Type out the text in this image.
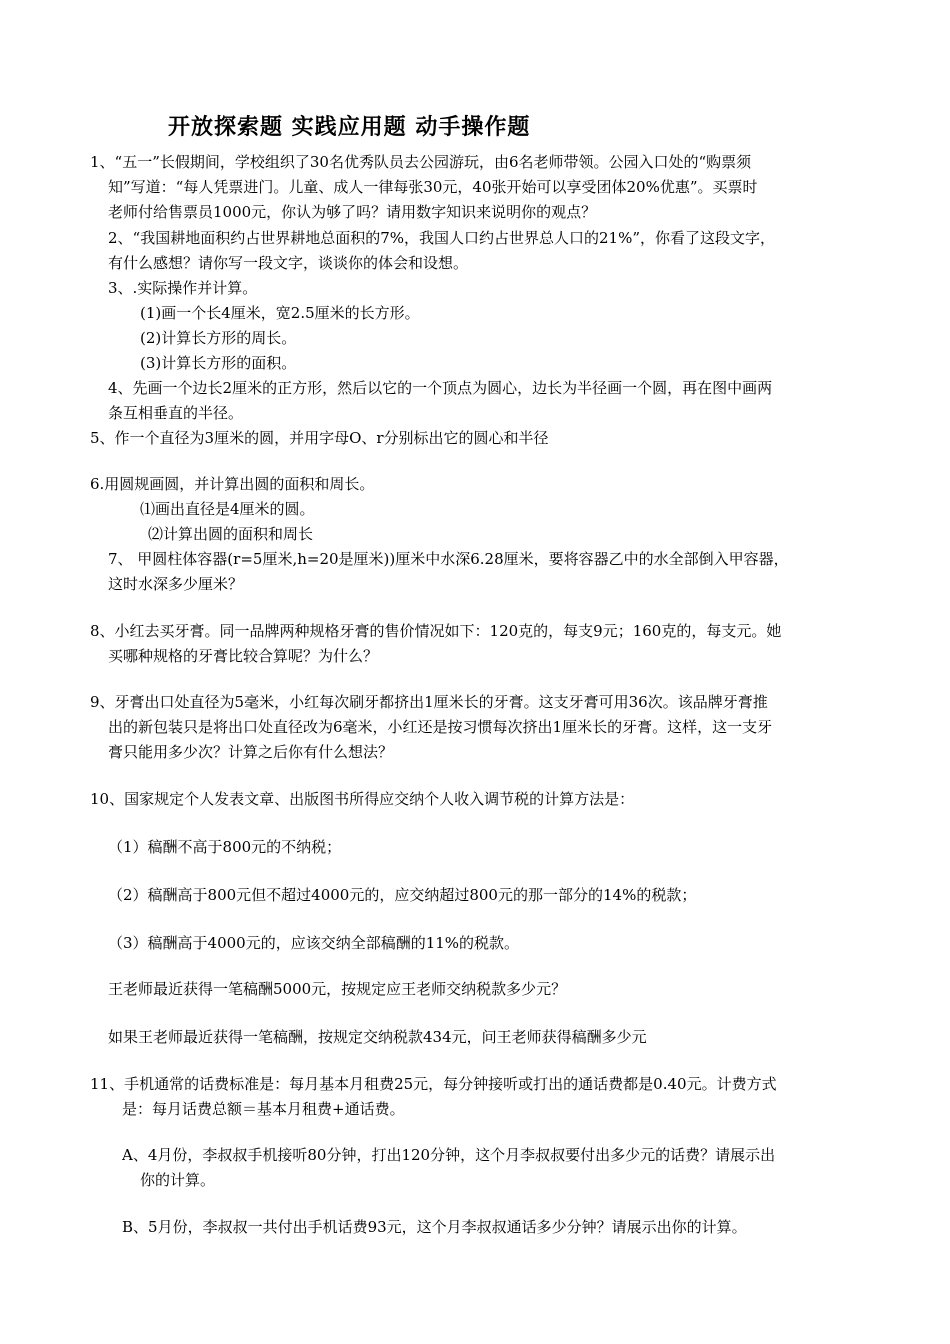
开放探索题 实践应用题 动手操作题
1、“五一”长假期间，学校组织了30名优秀队员去公园游玩，由6名老师带领。公园入口处的“购票须
知”写道：“每人凭票进门。儿童、成人一律每张30元，40张开始可以享受团体20%优惠”。买票时
老师付给售票员1000元，你认为够了吗？请用数字知识来说明你的观点？
2、“我国耕地面积约占世界耕地总面积的7%，我国人口约占世界总人口的21%”，你看了这段文字，
有什么感想？请你写一段文字，谈谈你的体会和设想。
3、.实际操作并计算。
(1)画一个长4厘米，宽2.5厘米的长方形。
(2)计算长方形的周长。
(3)计算长方形的面积。
4、先画一个边长2厘米的正方形，然后以它的一个顶点为圆心，边长为半径画一个圆，再在图中画两
条互相垂直的半径。
5、作一个直径为3厘米的圆，并用字母O、r分别标出它的圆心和半径
6.用圆规画圆，并计算出圆的面积和周长。
⑴画出直径是4厘米的圆。
⑵计算出圆的面积和周长
7、 甲圆柱体容器(r=5厘米,h=20是厘米))厘米中水深6.28厘米，要将容器乙中的水全部倒入甲容器，
这时水深多少厘米？
8、小红去买牙膏。同一品牌两种规格牙膏的售价情况如下：120克的，每支9元；160克的，每支元。她
买哪种规格的牙膏比较合算呢？为什么？
9、牙膏出口处直径为5毫米，小红每次刷牙都挤出1厘米长的牙膏。这支牙膏可用36次。该品牌牙膏推
出的新包装只是将出口处直径改为6毫米，小红还是按习惯每次挤出1厘米长的牙膏。这样，这一支牙
膏只能用多少次？计算之后你有什么想法？
10、国家规定个人发表文章、出版图书所得应交纳个人收入调节税的计算方法是：
（1）稿酬不高于800元的不纳税；
（2）稿酬高于800元但不超过4000元的，应交纳超过800元的那一部分的14%的税款；
（3）稿酬高于4000元的，应该交纳全部稿酬的11%的税款。
王老师最近获得一笔稿酬5000元，按规定应王老师交纳税款多少元？
如果王老师最近获得一笔稿酬，按规定交纳税款434元，问王老师获得稿酬多少元
11、手机通常的话费标准是：每月基本月租费25元，每分钟接听或打出的通话费都是0.40元。计费方式
是：每月话费总额＝基本月租费+通话费。
A、4月份，李叔叔手机接听80分钟，打出120分钟，这个月李叔叔要付出多少元的话费？请展示出
你的计算。
B、5月份，李叔叔一共付出手机话费93元，这个月李叔叔通话多少分钟？请展示出你的计算。
